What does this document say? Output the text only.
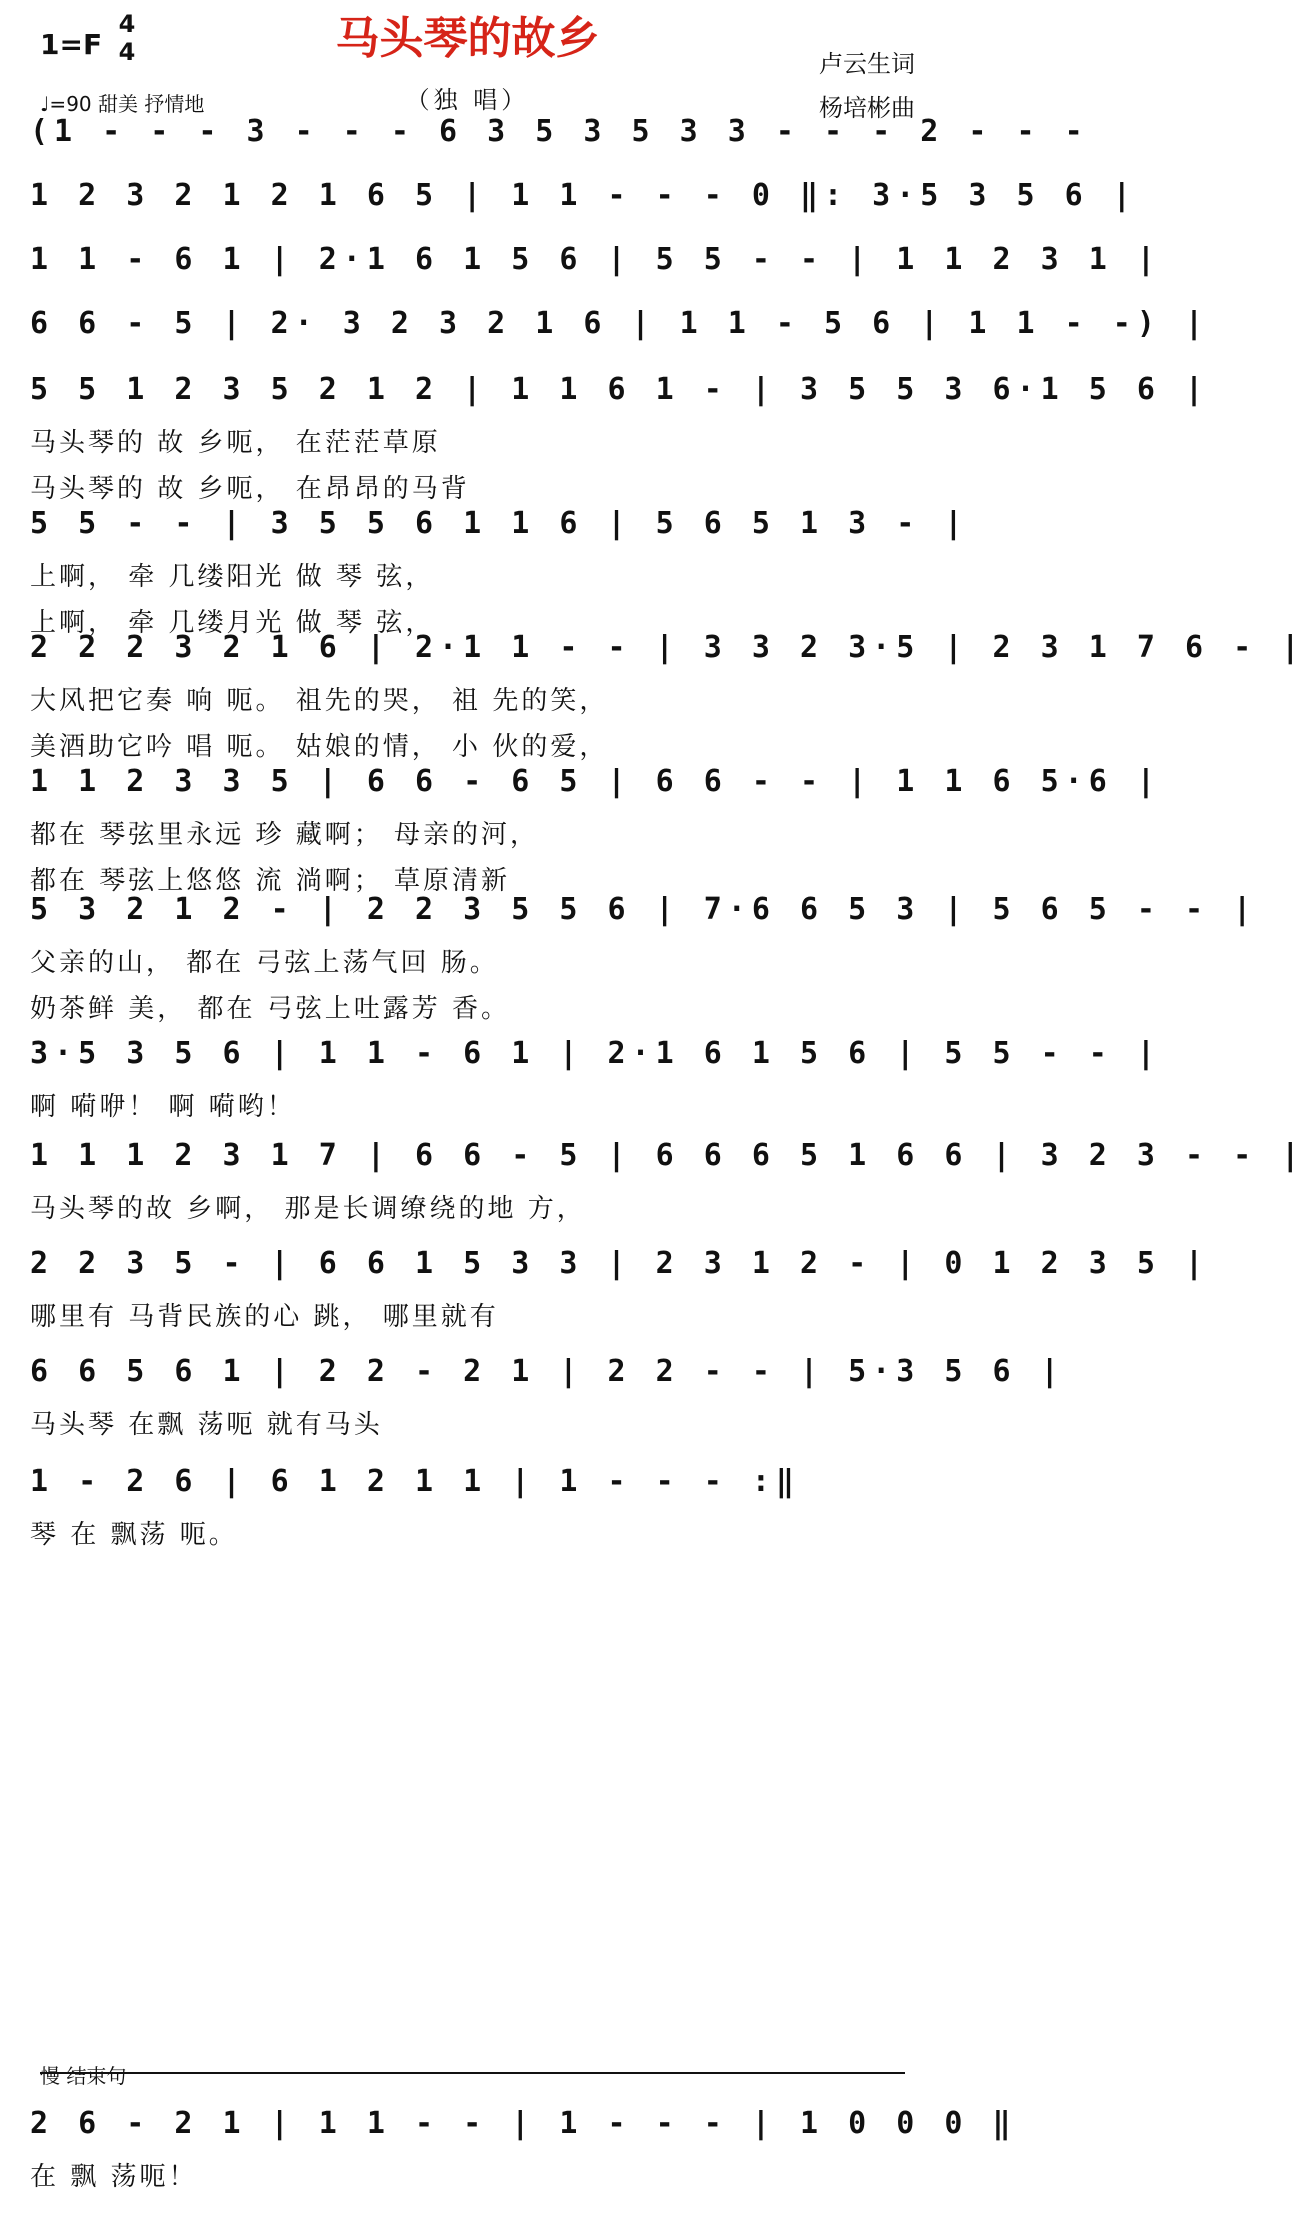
1=F
4
4
♩=90 甜美 抒情地
马头琴的故乡
（独 唱）
卢云生词
杨培彬曲
(1 - - - 3 - - - 6 3 5 3 5 3 3 - - - 2 - - -
1 2 3 2 1 2 1 6 5 | 1 1 - - - 0 ‖: 3·5 3 5 6 |
1 1 - 6 1 | 2·1 6 1 5 6 | 5 5 - - | 1 1 2 3 1 |
6 6 - 5 | 2· 3 2 3 2 1 6 | 1 1 - 5 6 | 1 1 - -) |
5 5 1 2 3 5 2 1 2 | 1 1 6 1 - | 3 5 5 3 6·1 5 6 |
马头琴的 故 乡呃， 在茫茫草原
马头琴的 故 乡呃， 在昂昂的马背
5 5 - - | 3 5 5 6 1 1 6 | 5 6 5 1 3 - |
上啊， 牵 几缕阳光 做 琴 弦，
上啊， 牵 几缕月光 做 琴 弦，
2 2 2 3 2 1 6 | 2·1 1 - - | 3 3 2 3·5 | 2 3 1 7 6 - |
大风把它奏 响 呃。 祖先的哭， 祖 先的笑，
美酒助它吟 唱 呃。 姑娘的情， 小 伙的爱，
1 1 2 3 3 5 | 6 6 - 6 5 | 6 6 - - | 1 1 6 5·6 |
都在 琴弦里永远 珍 藏啊； 母亲的河，
都在 琴弦上悠悠 流 淌啊； 草原清新
5 3 2 1 2 - | 2 2 3 5 5 6 | 7·6 6 5 3 | 5 6 5 - - |
父亲的山， 都在 弓弦上荡气回 肠。
奶茶鲜 美， 都在 弓弦上吐露芳 香。
3·5 3 5 6 | 1 1 - 6 1 | 2·1 6 1 5 6 | 5 5 - - |
啊 嗬咿！ 啊 嗬哟！
1 1 1 2 3 1 7 | 6 6 - 5 | 6 6 6 5 1 6 6 | 3 2 3 - - |
马头琴的故 乡啊， 那是长调缭绕的地 方，
2 2 3 5 - | 6 6 1 5 3 3 | 2 3 1 2 - | 0 1 2 3 5 |
哪里有 马背民族的心 跳， 哪里就有
6 6 5 6 1 | 2 2 - 2 1 | 2 2 - - | 5·3 5 6 |
马头琴 在飘 荡呃 就有马头
1 - 2 6 | 6 1 2 1 1 | 1 - - - :‖
琴 在 飘荡 呃。
2 6 - 2 1 | 1 1 - - | 1 - - - | 1 0 0 0 ‖
在 飘 荡呃！
慢 结束句
